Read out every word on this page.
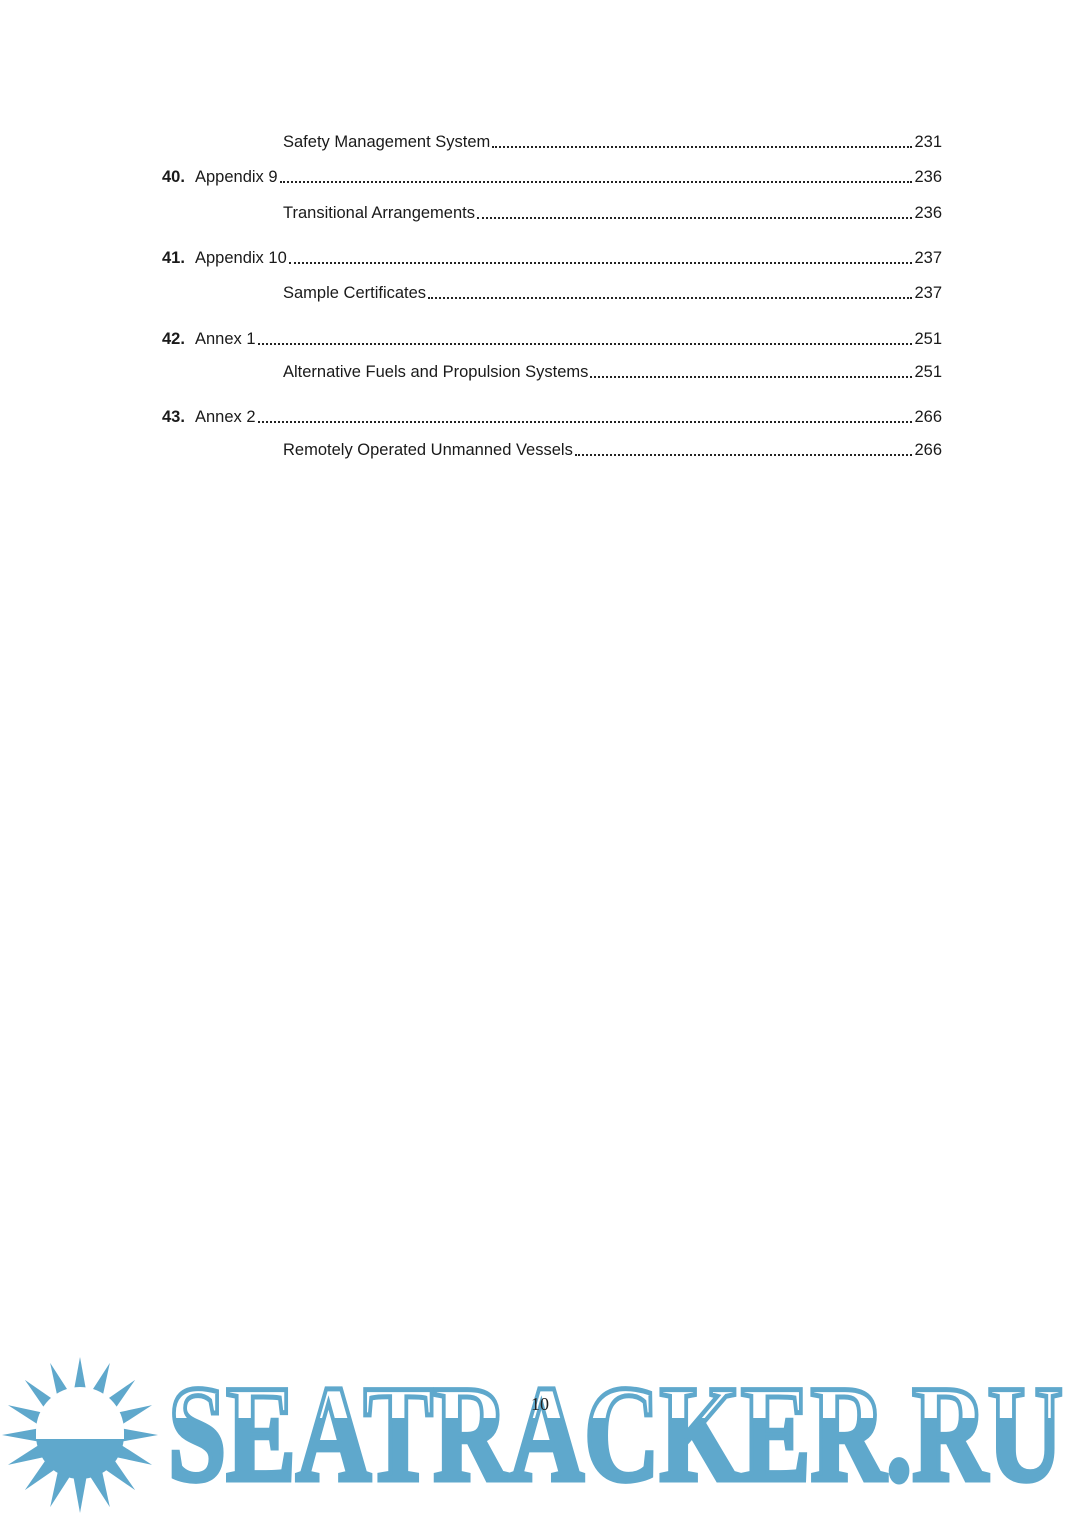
Safety Management System	231
40. Appendix 9	236
Transitional Arrangements	236
41. Appendix 10	237
Sample Certificates	237
42. Annex 1	251
Alternative Fuels and Propulsion Systems	251
43. Annex 2	266
Remotely Operated Unmanned Vessels	266
SEATRACKER.RU
10
